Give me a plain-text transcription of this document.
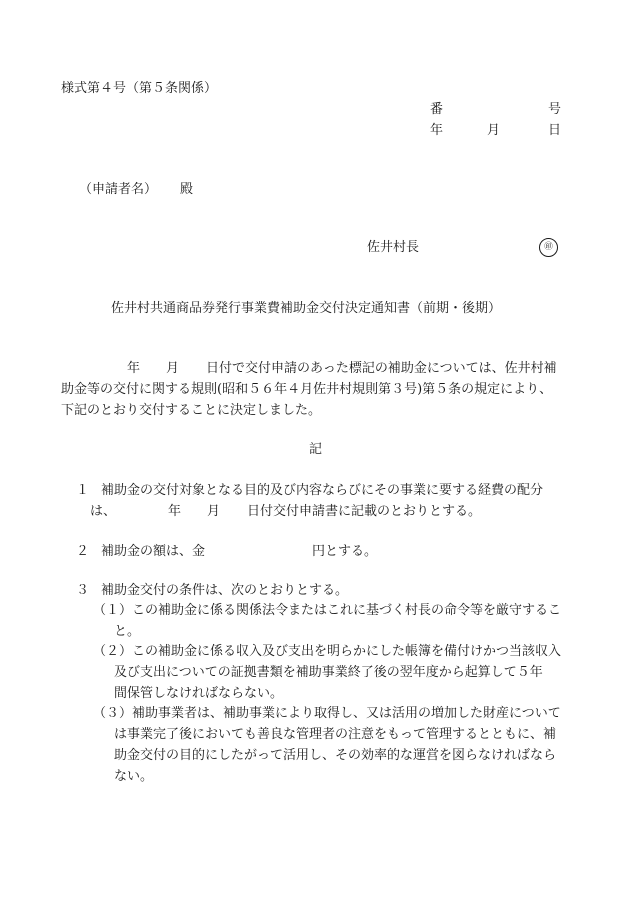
様式第４号（第５条関係）
番	号
年	月	日
（申請者名） 殿
佐井村長	㊞
佐井村共通商品券発行事業費補助金交付決定通知書（前期・後期）
年 月 日付で交付申請のあった標記の補助金については、佐井村補
助金等の交付に関する規則(昭和５６年４月佐井村規則第３号)第５条の規定により、
下記のとおり交付することに決定しました。
記
１ 補助金の交付対象となる目的及び内容ならびにその事業に要する経費の配分
は、	年 月 日付交付申請書に記載のとおりとする。
２ 補助金の額は、金	円とする。
３ 補助金交付の条件は、次のとおりとする。
（１）この補助金に係る関係法令またはこれに基づく村長の命令等を厳守するこ
と。
（２）この補助金に係る収入及び支出を明らかにした帳簿を備付けかつ当該収入
及び支出についての証拠書類を補助事業終了後の翌年度から起算して５年
間保管しなければならない。
（３）補助事業者は、補助事業により取得し、又は活用の増加した財産について
は事業完了後においても善良な管理者の注意をもって管理するとともに、補
助金交付の目的にしたがって活用し、その効率的な運営を図らなければなら
ない。
